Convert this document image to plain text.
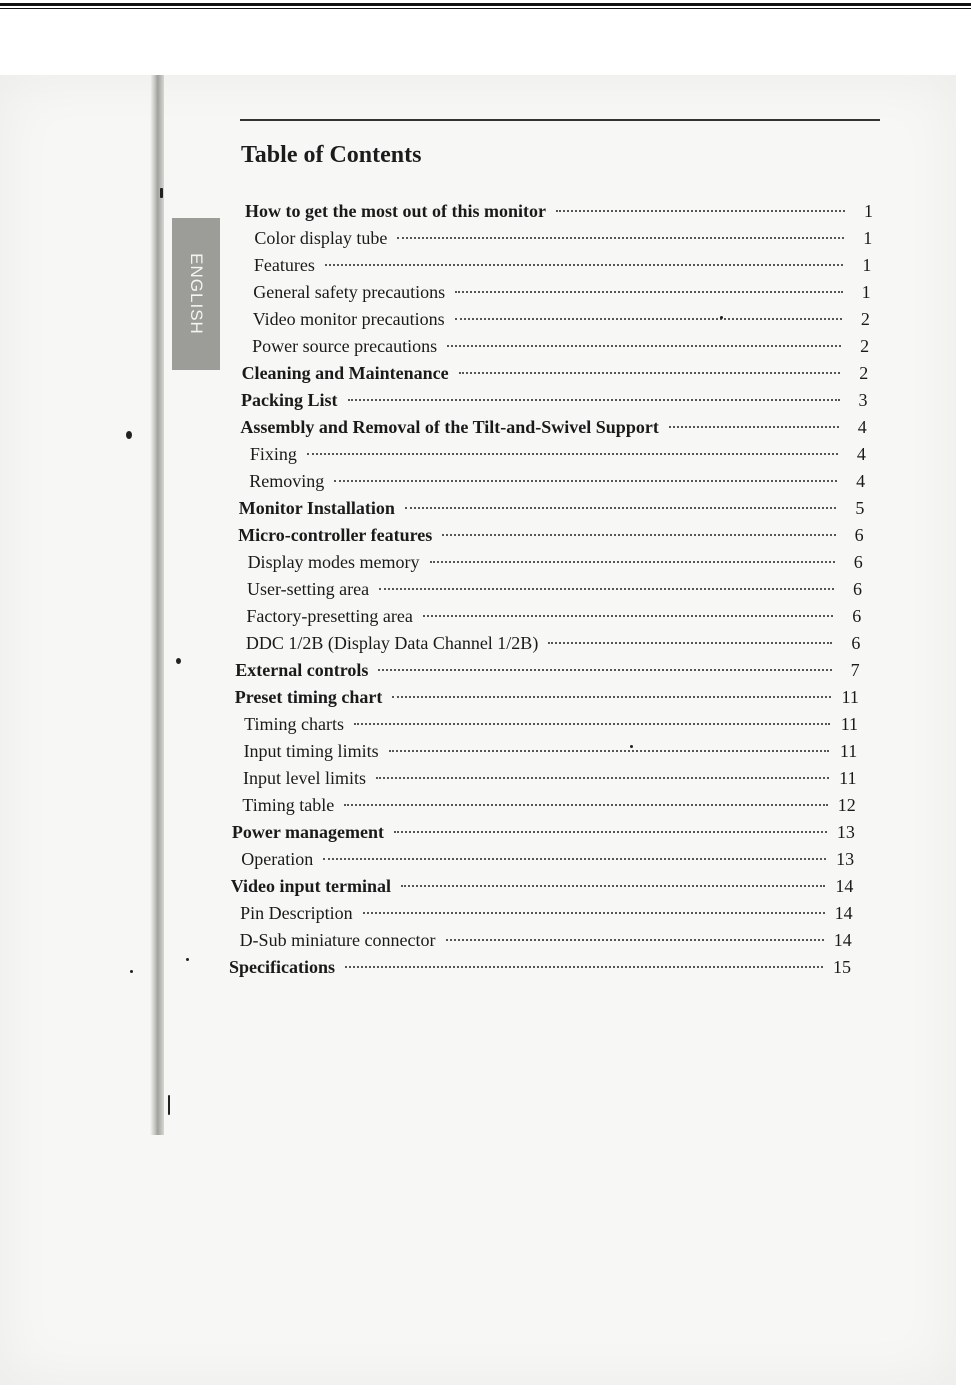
ENGLISH
Table of Contents
How to get the most out of this monitor	1
Color display tube	1
Features	1
General safety precautions	1
Video monitor precautions	2
Power source precautions	2
Cleaning and Maintenance	2
Packing List	3
Assembly and Removal of the Tilt-and-Swivel Support	4
Fixing	4
Removing	4
Monitor Installation	5
Micro-controller features	6
Display modes memory	6
User-setting area	6
Factory-presetting area	6
DDC 1/2B (Display Data Channel 1/2B)	6
External controls	7
Preset timing chart	11
Timing charts	11
Input timing limits	11
Input level limits	11
Timing table	12
Power management	13
Operation	13
Video input terminal	14
Pin Description	14
D-Sub miniature connector	14
Specifications	15
